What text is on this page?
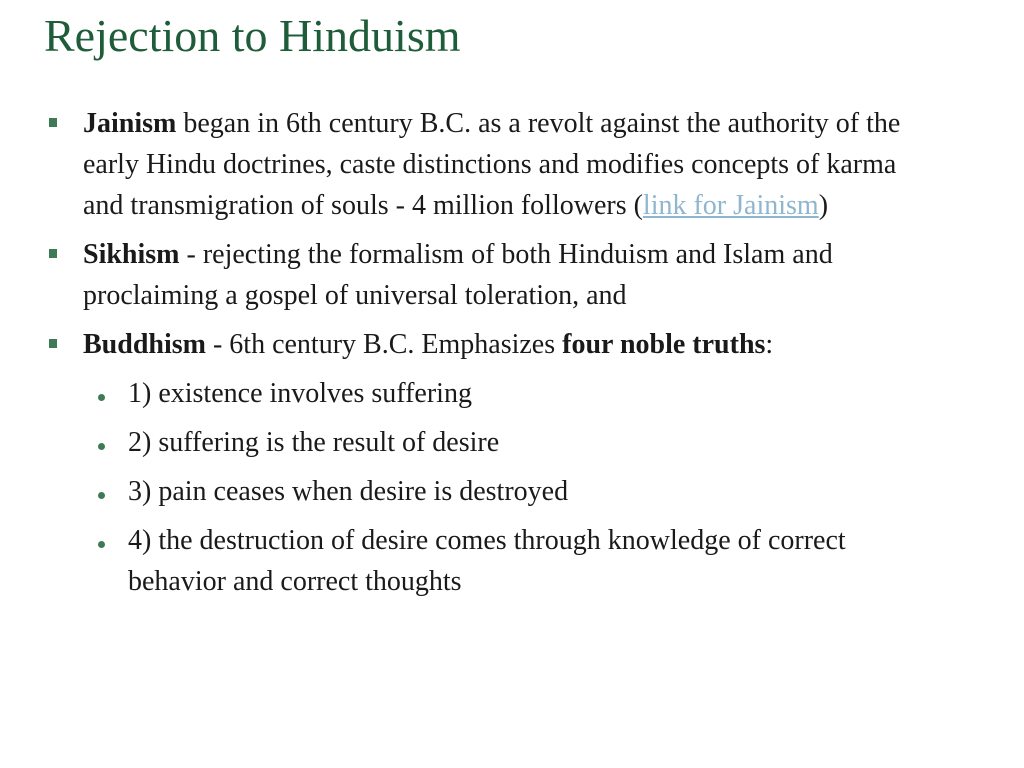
Rejection to Hinduism
Jainism began in 6th century B.C. as a revolt against the authority of the early Hindu doctrines, caste distinctions and modifies concepts of karma and transmigration of souls - 4 million followers (link for Jainism)
Sikhism - rejecting the formalism of both Hinduism and Islam and proclaiming a gospel of universal toleration, and
Buddhism - 6th century B.C. Emphasizes four noble truths:
1) existence involves suffering
2) suffering is the result of desire
3) pain ceases when desire is destroyed
4) the destruction of desire comes through knowledge of correct behavior and correct thoughts
